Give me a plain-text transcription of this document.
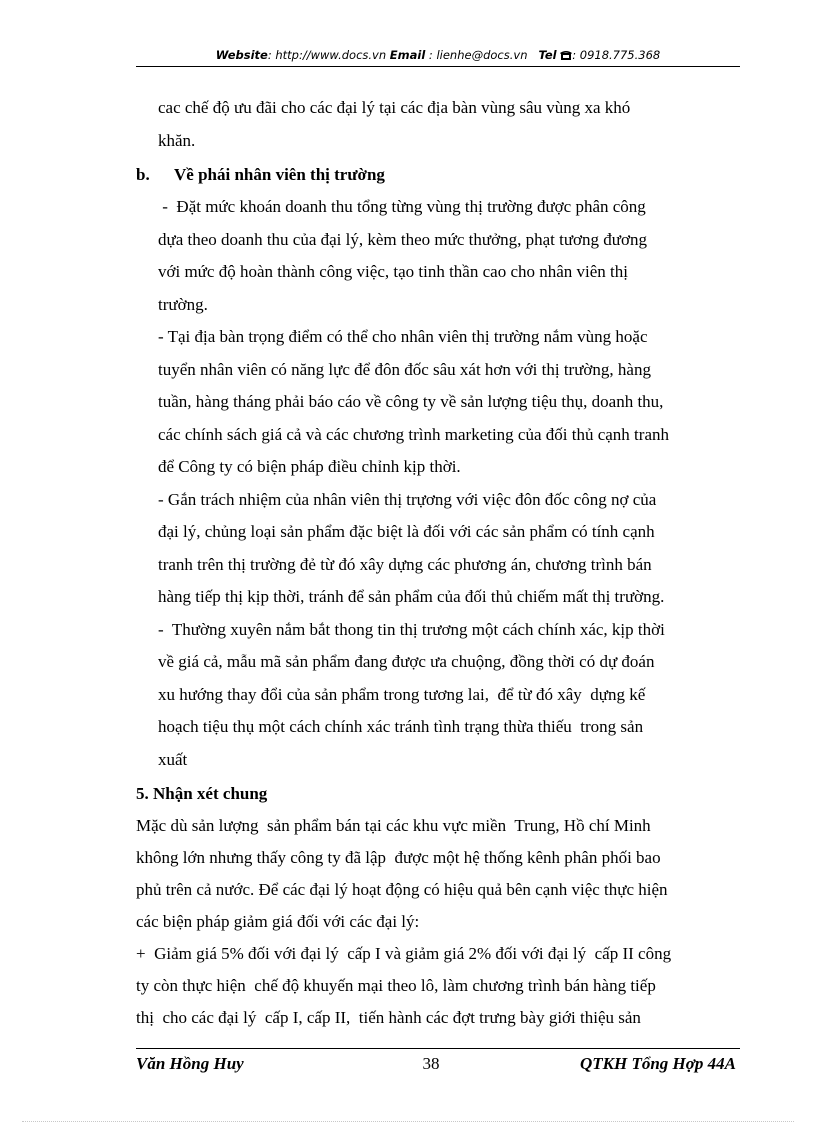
Website: http://www.docs.vn Email : lienhe@docs.vn Tel : 0918.775.368
cac chế độ ưu đãi cho các đại lý tại các địa bàn vùng sâu vùng xa khó
khăn.
b. Về phái nhân viên thị trường
-  Đặt mức khoán doanh thu tổng từng vùng thị trường được phân công
dựa theo doanh thu của đại lý, kèm theo mức thưởng, phạt tương đương
với mức độ hoàn thành công việc, tạo tinh thần cao cho nhân viên thị
trường.
- Tại địa bàn trọng điểm có thể cho nhân viên thị trường nắm vùng hoặc
tuyển nhân viên có năng lực để đôn đốc sâu xát hơn với thị trường, hàng
tuần, hàng tháng phải báo cáo về công ty về sản lượng tiệu thụ, doanh thu,
các chính sách giá cả và các chương trình marketing của đối thủ cạnh tranh
để Công ty có biện pháp điều chỉnh kịp thời.
- Gắn trách nhiệm của nhân viên thị trựơng với việc đôn đốc công nợ của
đại lý, chủng loại sản phẩm đặc biệt là đối với các sản phẩm có tính cạnh
tranh trên thị trường đẻ từ đó xây dựng các phương án, chương trình bán
hàng tiếp thị kịp thời, tránh để sản phẩm của đối thủ chiếm mất thị trường.
-  Thường xuyên nắm bắt thong tin thị trương một cách chính xác, kịp thời
về giá cả, mẫu mã sản phẩm đang được ưa chuộng, đồng thời có dự đoán
xu hướng thay đổi của sản phẩm trong tương lai,  để từ đó xây  dựng kế
hoạch tiệu thụ một cách chính xác tránh tình trạng thừa thiếu  trong sản
xuất
5. Nhận xét chung
Mặc dù sản lượng  sản phẩm bán tại các khu vực miền  Trung, Hồ chí Minh
không lớn nhưng thấy công ty đã lập  được một hệ thống kênh phân phối bao
phủ trên cả nước. Để các đại lý hoạt động có hiệu quả bên cạnh việc thực hiện
các biện pháp giảm giá đối với các đại lý:
+  Giảm giá 5% đối với đại lý  cấp I và giảm giá 2% đối với đại lý  cấp II công
ty còn thực hiện  chế độ khuyến mại theo lô, làm chương trình bán hàng tiếp
thị  cho các đại lý  cấp I, cấp II,  tiến hành các đợt trưng bày giới thiệu sản
Văn Hồng Huy	38	QTKH Tổng Hợp 44A
